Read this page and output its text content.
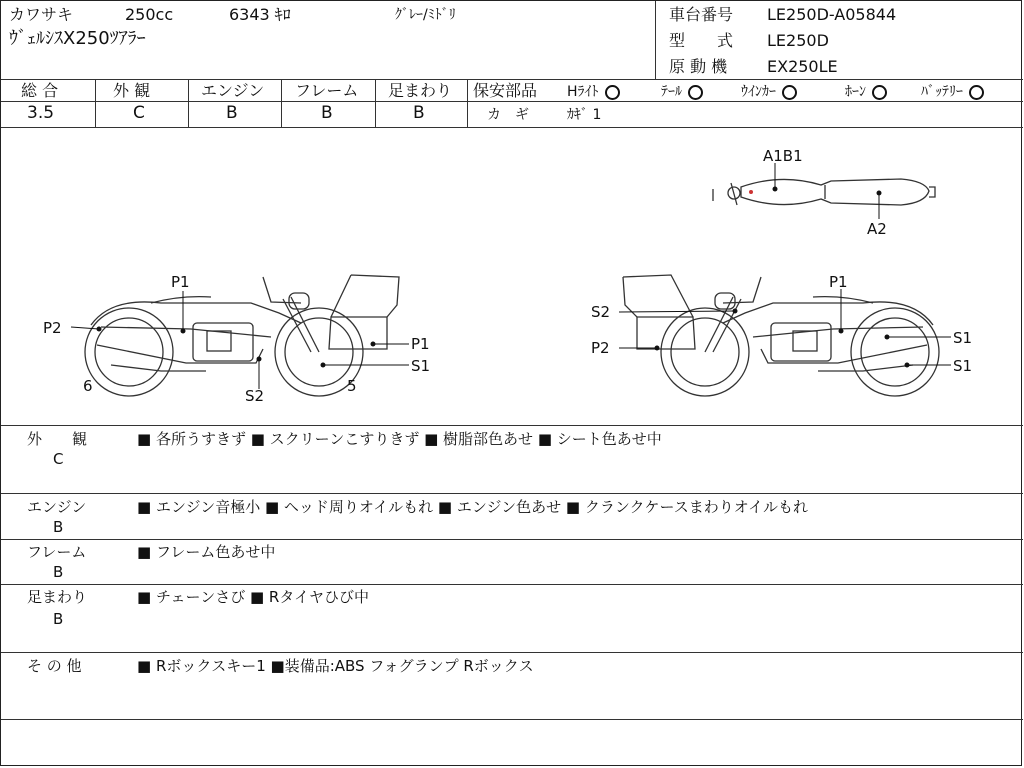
カワサキ	250cc	6343 ｷﾛ	ｸﾞﾚｰ/ﾐﾄﾞﾘ
ｳﾞｪﾙｼｽX250ﾂｱﾗｰ
車台番号 LE250D-A05844
型　　式 LE250D
原 動 機 EX250LE
総 合
3.5
外 観
C
エンジン
B
フレーム
B
足まわり
B
保安部品 Hﾗｲﾄ	ﾃｰﾙ	ｳｲﾝｶｰ	ﾎｰﾝ	ﾊﾞｯﾃﾘｰ
カ　ギ	ｶｷﾞ 1
P1
P2
P1
S1
6
S2
5
S2
P2
P1
S1
S1
A1B1
A2
外　　観
C
■ 各所うすきず ■ スクリーンこすりきず ■ 樹脂部色あせ ■ シート色あせ中
エンジン
B
■ エンジン音極小 ■ ヘッド周りオイルもれ ■ エンジン色あせ ■ クランクケースまわりオイルもれ
フレーム
B
■ フレーム色あせ中
足まわり
B
■ チェーンさび ■ Rタイヤひび中
そ の 他	■ Rボックスキー1 ■装備品:ABS フォグランプ Rボックス
